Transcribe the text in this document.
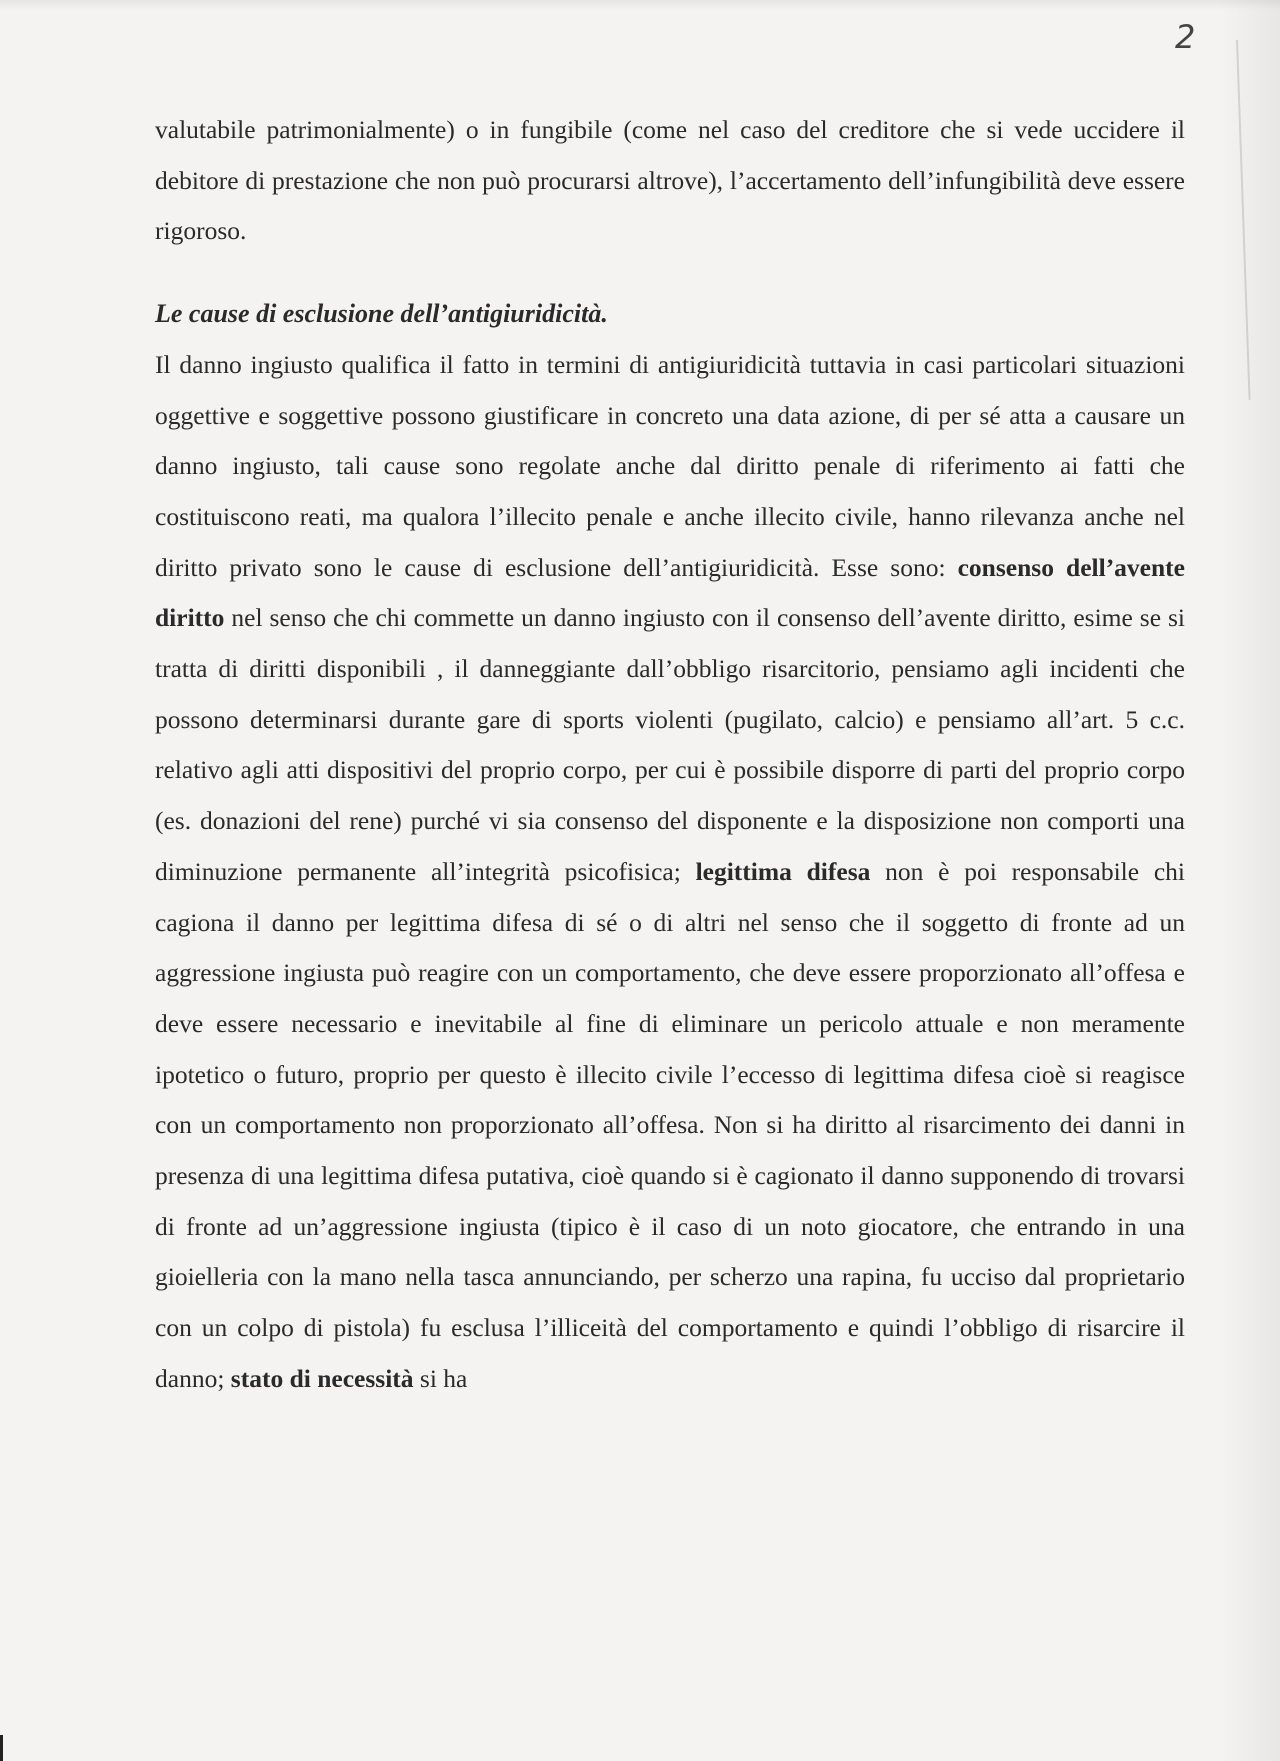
2

valutabile patrimonialmente) o in fungibile (come nel caso del creditore che si vede uccidere il debitore di prestazione che non può procurarsi altrove), l’accertamento dell’infungibilità deve essere rigoroso.

Le cause di esclusione dell’antigiuridicità.

Il danno ingiusto qualifica il fatto in termini di antigiuridicità tuttavia in casi particolari situazioni oggettive e soggettive possono giustificare in concreto una data azione, di per sé atta a causare un danno ingiusto, tali cause sono regolate anche dal diritto penale di riferimento ai fatti che costituiscono reati, ma qualora l’illecito penale e anche illecito civile, hanno rilevanza anche nel diritto privato sono le cause di esclusione dell’antigiuridicità. Esse sono: consenso dell’avente diritto nel senso che chi commette un danno ingiusto con il consenso dell’avente diritto, esime se si tratta di diritti disponibili , il danneggiante dall’obbligo risarcitorio, pensiamo agli incidenti che possono determinarsi durante gare di sports violenti (pugilato, calcio) e pensiamo all’art. 5 c.c. relativo agli atti dispositivi del proprio corpo, per cui è possibile disporre di parti del proprio corpo (es. donazioni del rene) purché vi sia consenso del disponente e la disposizione non comporti una diminuzione permanente all’integrità psicofisica; legittima difesa non è poi responsabile chi cagiona il danno per legittima difesa di sé o di altri nel senso che il soggetto di fronte ad un aggressione ingiusta può reagire con un comportamento, che deve essere proporzionato all’offesa e deve essere necessario e inevitabile al fine di eliminare un pericolo attuale e non meramente ipotetico o futuro, proprio per questo è illecito civile l’eccesso di legittima difesa cioè si reagisce con un comportamento non proporzionato all’offesa. Non si ha diritto al risarcimento dei danni in presenza di una legittima difesa putativa, cioè quando si è cagionato il danno supponendo di trovarsi di fronte ad un’aggressione ingiusta (tipico è il caso di un noto giocatore, che entrando in una gioielleria con la mano nella tasca annunciando, per scherzo una rapina, fu ucciso dal proprietario con un colpo di pistola) fu esclusa l’illiceità del comportamento e quindi l’obbligo di risarcire il danno; stato di necessità si ha
